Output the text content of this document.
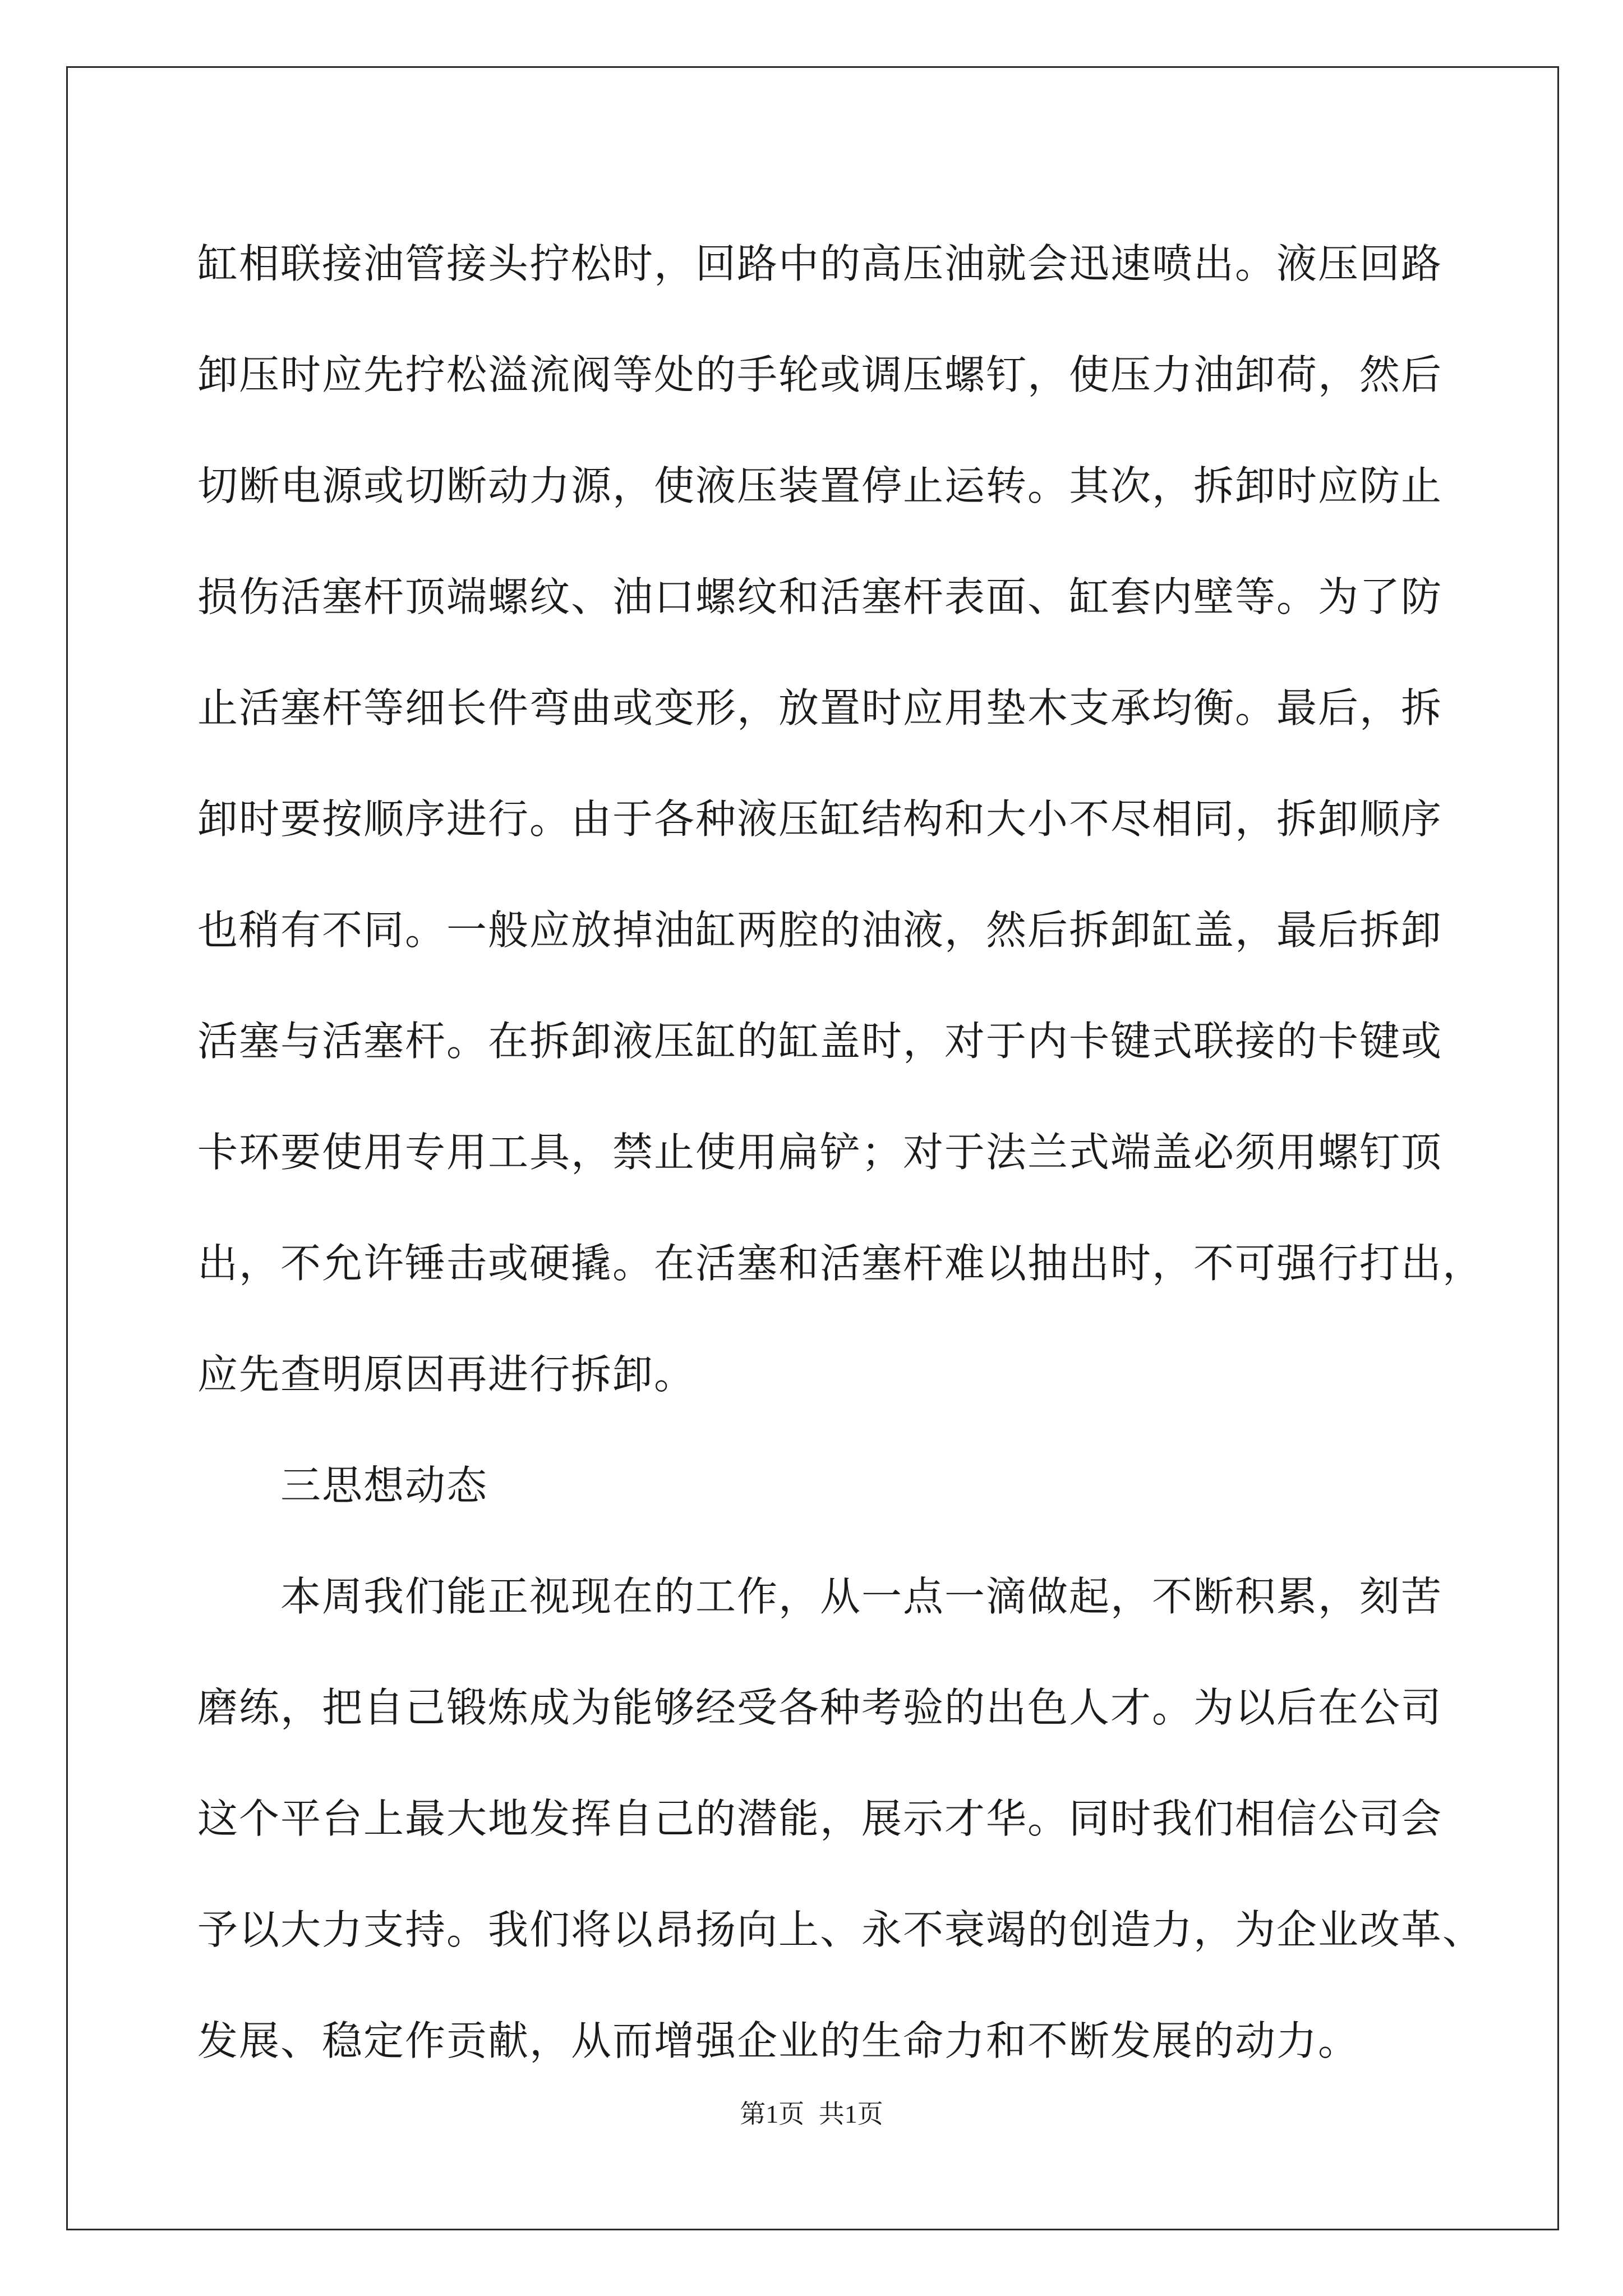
缸相联接油管接头拧松时，回路中的高压油就会迅速喷出。液压回路
卸压时应先拧松溢流阀等处的手轮或调压螺钉，使压力油卸荷，然后
切断电源或切断动力源，使液压装置停止运转。其次，拆卸时应防止
损伤活塞杆顶端螺纹、油口螺纹和活塞杆表面、缸套内壁等。为了防
止活塞杆等细长件弯曲或变形，放置时应用垫木支承均衡。最后，拆
卸时要按顺序进行。由于各种液压缸结构和大小不尽相同，拆卸顺序
也稍有不同。一般应放掉油缸两腔的油液，然后拆卸缸盖，最后拆卸
活塞与活塞杆。在拆卸液压缸的缸盖时，对于内卡键式联接的卡键或
卡环要使用专用工具，禁止使用扁铲；对于法兰式端盖必须用螺钉顶
出，不允许锤击或硬撬。在活塞和活塞杆难以抽出时，不可强行打出，
应先查明原因再进行拆卸。
三思想动态
本周我们能正视现在的工作，从一点一滴做起，不断积累，刻苦
磨练，把自己锻炼成为能够经受各种考验的出色人才。为以后在公司
这个平台上最大地发挥自己的潜能，展示才华。同时我们相信公司会
予以大力支持。我们将以昂扬向上、永不衰竭的创造力，为企业改革、
发展、稳定作贡献，从而增强企业的生命力和不断发展的动力。
第1页 共1页
